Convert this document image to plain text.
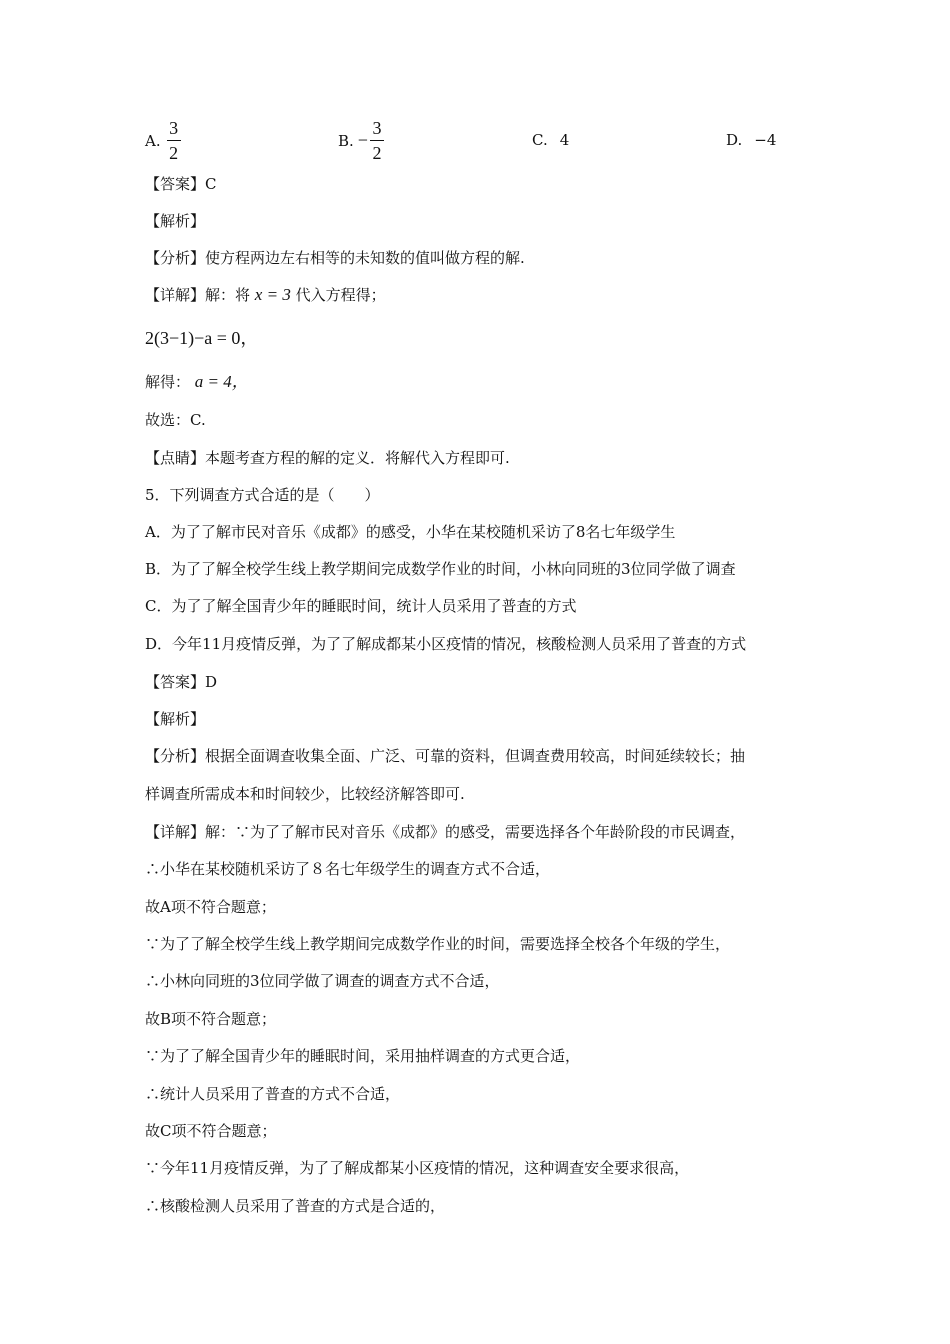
A. $\frac{3}{2}$	B. − $\frac{3}{2}$	C. 4	D. −4
【答案】C
【解析】
【分析】使方程两边左右相等的未知数的值叫做方程的解.
【详解】解：将 x = 3 代入方程得；
2(3−1)−a = 0，
解得： a = 4，
故选：C.
【点睛】本题考查方程的解的定义．将解代入方程即可.
5．下列调查方式合适的是（　　）
A．为了了解市民对音乐《成都》的感受，小华在某校随机采访了8名七年级学生
B．为了了解全校学生线上教学期间完成数学作业的时间，小林向同班的3位同学做了调查
C．为了了解全国青少年的睡眠时间，统计人员采用了普查的方式
D．今年11月疫情反弹，为了了解成都某小区疫情的情况，核酸检测人员采用了普查的方式
【答案】D
【解析】
【分析】根据全面调查收集全面、广泛、可靠的资料，但调查费用较高，时间延续较长；抽
样调查所需成本和时间较少，比较经济解答即可.
【详解】解：∵为了了解市民对音乐《成都》的感受，需要选择各个年龄阶段的市民调查，
∴小华在某校随机采访了８名七年级学生的调查方式不合适，
故A项不符合题意；
∵为了了解全校学生线上教学期间完成数学作业的时间，需要选择全校各个年级的学生，
∴小林向同班的3位同学做了调查的调查方式不合适，
故B项不符合题意；
∵为了了解全国青少年的睡眠时间，采用抽样调查的方式更合适，
∴统计人员采用了普查的方式不合适，
故C项不符合题意；
∵今年11月疫情反弹，为了了解成都某小区疫情的情况，这种调查安全要求很高，
∴核酸检测人员采用了普查的方式是合适的，
